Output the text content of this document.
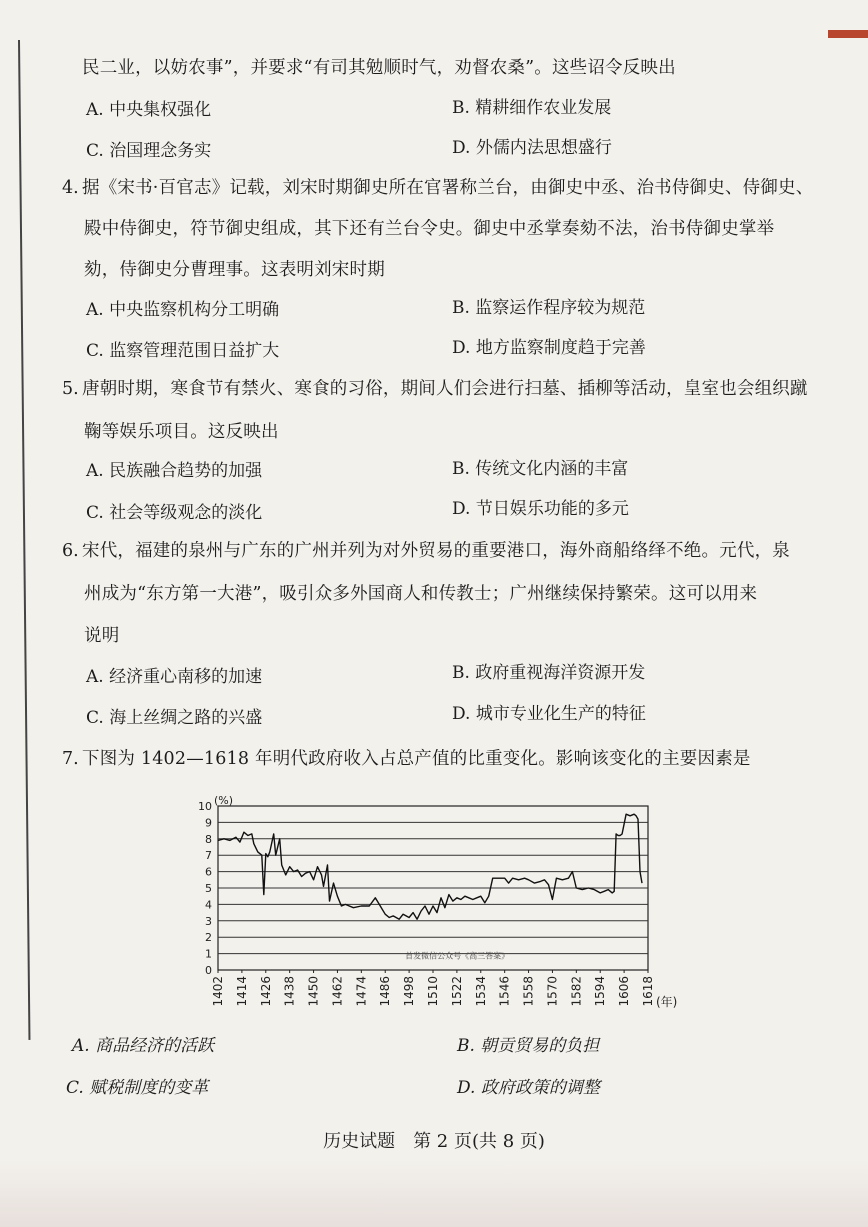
民二业，以妨农事”，并要求“有司其勉顺时气，劝督农桑”。这些诏令反映出
A. 中央集权强化	B. 精耕细作农业发展
C. 治国理念务实	D. 外儒内法思想盛行
4. 据《宋书·百官志》记载，刘宋时期御史所在官署称兰台，由御史中丞、治书侍御史、侍御史、
殿中侍御史，符节御史组成，其下还有兰台令史。御史中丞掌奏劾不法，治书侍御史掌举
劾，侍御史分曹理事。这表明刘宋时期
A. 中央监察机构分工明确	B. 监察运作程序较为规范
C. 监察管理范围日益扩大	D. 地方监察制度趋于完善
5. 唐朝时期，寒食节有禁火、寒食的习俗，期间人们会进行扫墓、插柳等活动，皇室也会组织蹴
鞠等娱乐项目。这反映出
A. 民族融合趋势的加强	B. 传统文化内涵的丰富
C. 社会等级观念的淡化	D. 节日娱乐功能的多元
6. 宋代，福建的泉州与广东的广州并列为对外贸易的重要港口，海外商船络绎不绝。元代，泉
州成为“东方第一大港”，吸引众多外国商人和传教士；广州继续保持繁荣。这可以用来
说明
A. 经济重心南移的加速	B. 政府重视海洋资源开发
C. 海上丝绸之路的兴盛	D. 城市专业化生产的特征
7. 下图为 1402—1618 年明代政府收入占总产值的比重变化。影响该变化的主要因素是
0
1
2
3
4
5
6
7
8
9
10 (%)
1402 1414 1426 1438 1450 1462 1474 1486 1498 1510 1522 1534 1546 1558 1570 1582 1594 1606 1618 (年)
首发微信公众号《高三答案》
A. 商品经济的活跃	B. 朝贡贸易的负担
C. 赋税制度的变革	D. 政府政策的调整
历史试题　第 2 页(共 8 页)
